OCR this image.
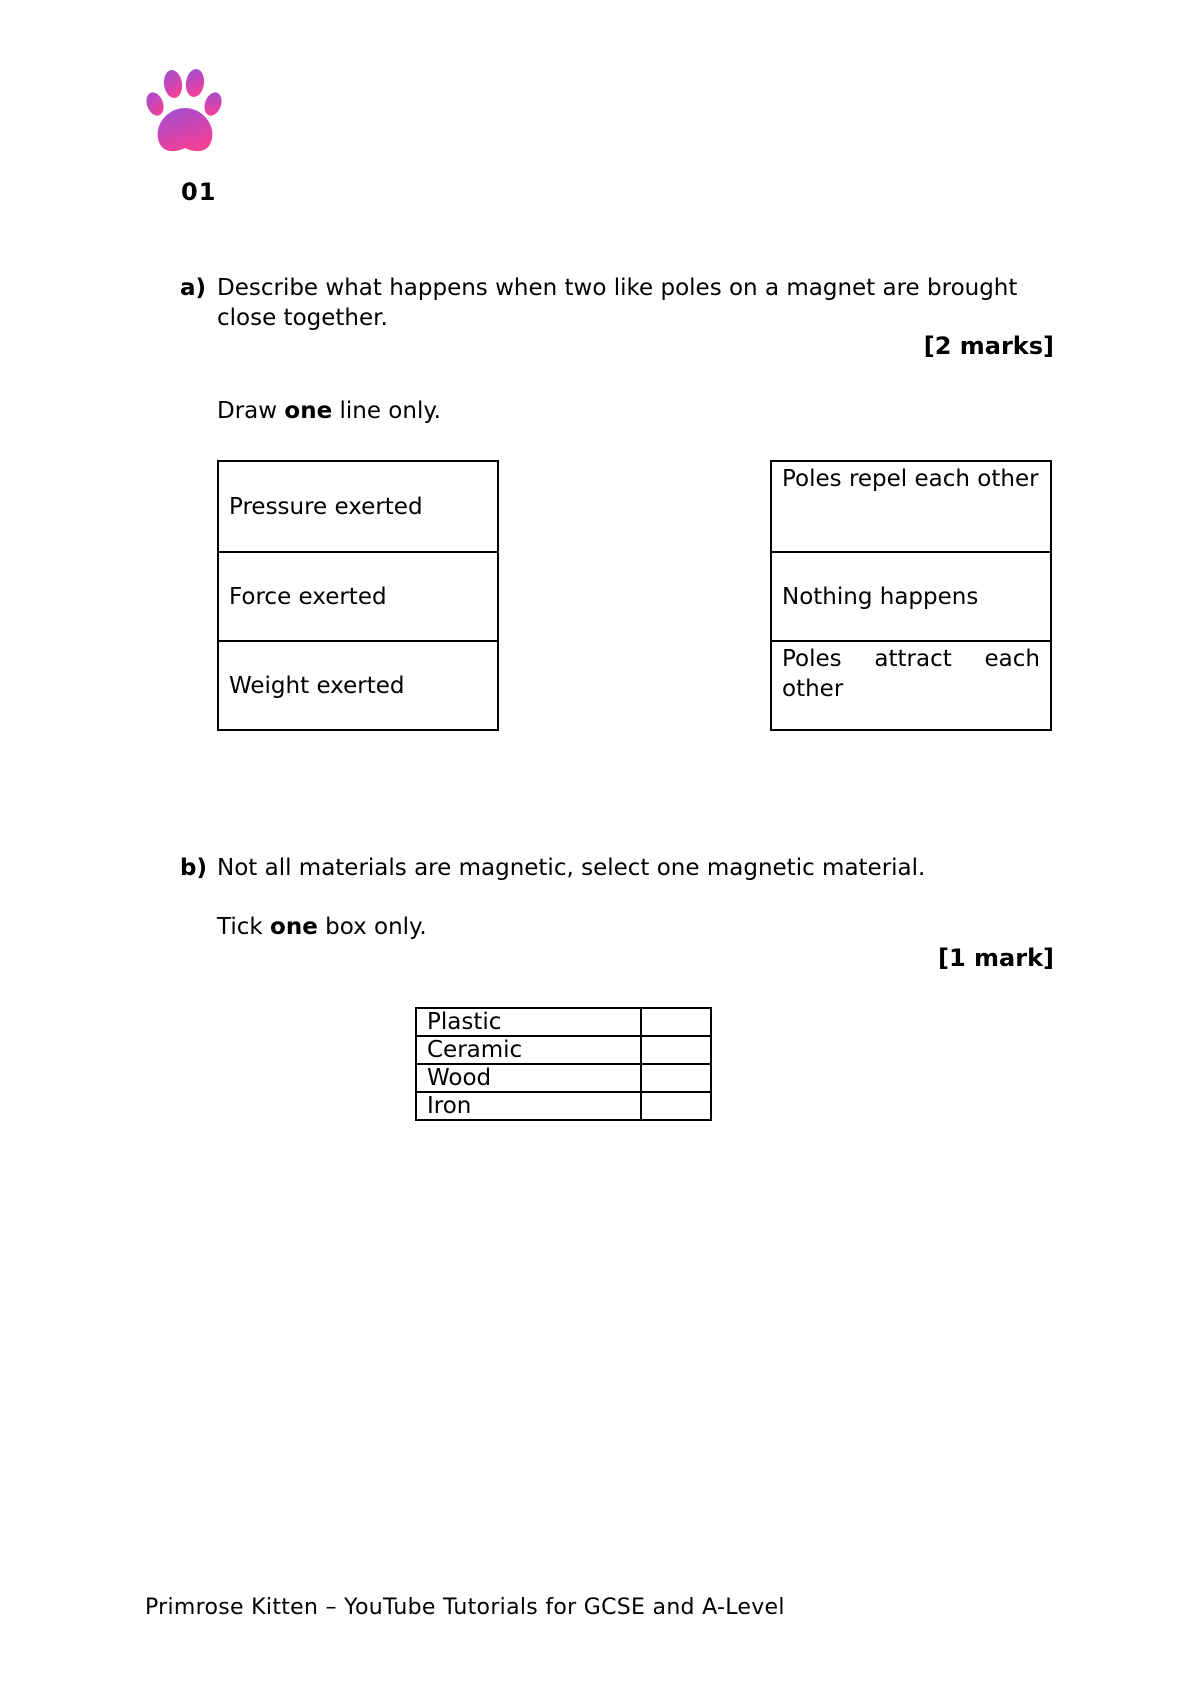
01
a) Describe what happens when two like poles on a magnet are brought close together.
[2 marks]
Draw one line only.
Pressure exerted
Force exerted
Weight exerted
Poles repel each other
Nothing happens
Poles attract each other
b) Not all materials are magnetic, select one magnetic material.
Tick one box only.
[1 mark]
Plastic	
Ceramic	
Wood	
Iron	
Primrose Kitten – YouTube Tutorials for GCSE and A-Level
